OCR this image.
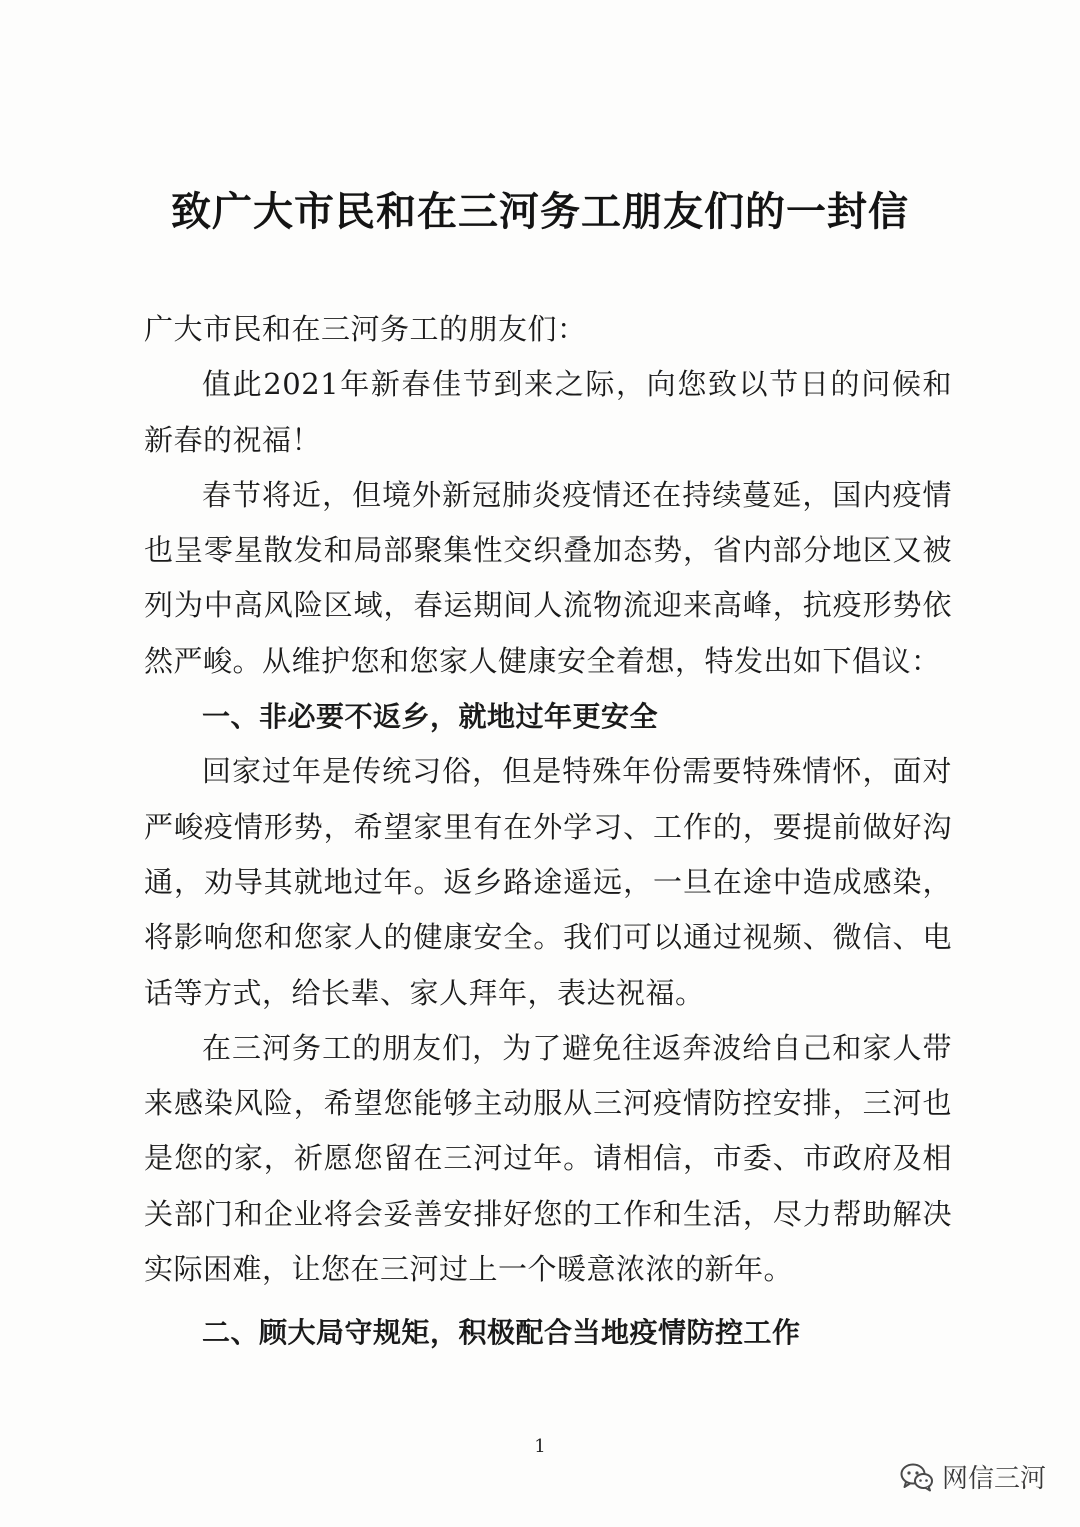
致广大市民和在三河务工朋友们的一封信

广大市民和在三河务工的朋友们：

值此2021年新春佳节到来之际，向您致以节日的问候和新春的祝福！

春节将近，但境外新冠肺炎疫情还在持续蔓延，国内疫情也呈零星散发和局部聚集性交织叠加态势，省内部分地区又被列为中高风险区域，春运期间人流物流迎来高峰，抗疫形势依然严峻。从维护您和您家人健康安全着想，特发出如下倡议：

一、非必要不返乡，就地过年更安全

回家过年是传统习俗，但是特殊年份需要特殊情怀，面对严峻疫情形势，希望家里有在外学习、工作的，要提前做好沟通，劝导其就地过年。返乡路途遥远，一旦在途中造成感染，将影响您和您家人的健康安全。我们可以通过视频、微信、电话等方式，给长辈、家人拜年，表达祝福。

在三河务工的朋友们，为了避免往返奔波给自己和家人带来感染风险，希望您能够主动服从三河疫情防控安排，三河也是您的家，祈愿您留在三河过年。请相信，市委、市政府及相关部门和企业将会妥善安排好您的工作和生活，尽力帮助解决实际困难，让您在三河过上一个暖意浓浓的新年。

二、顾大局守规矩，积极配合当地疫情防控工作

1
网信三河
